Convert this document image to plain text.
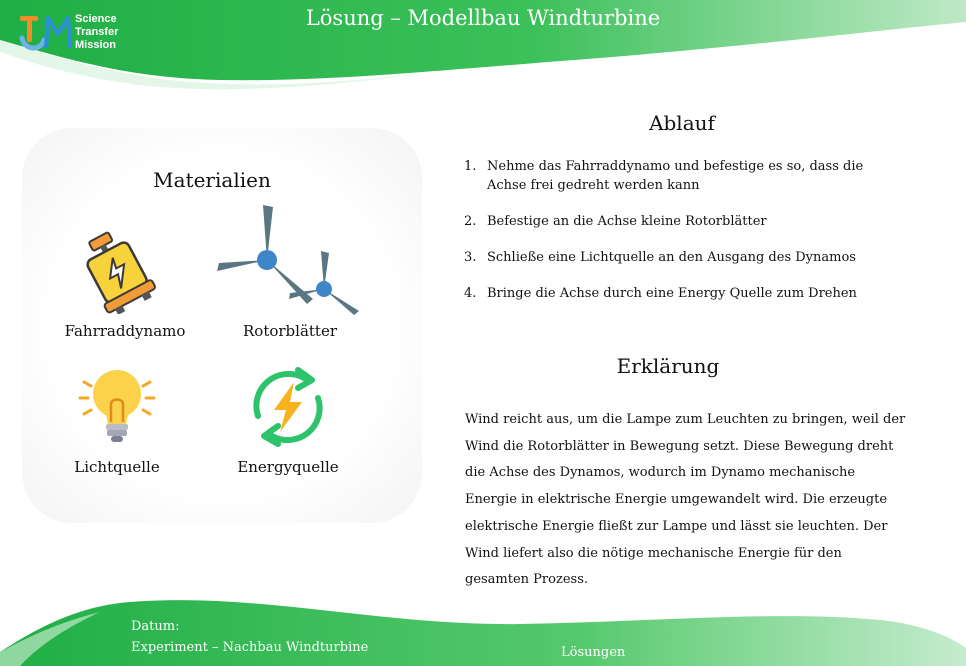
Science
Transfer
Mission
Lösung – Modellbau Windturbine
Materialien
Fahrraddynamo	Rotorblätter
Lichtquelle	Energyquelle
Ablauf
1. Nehme das Fahrraddynamo und befestige es so, dass die Achse frei gedreht werden kann
2. Befestige an die Achse kleine Rotorblätter
3. Schließe eine Lichtquelle an den Ausgang des Dynamos
4. Bringe die Achse durch eine Energy Quelle zum Drehen
Erklärung

Wind reicht aus, um die Lampe zum Leuchten zu bringen, weil der Wind die Rotorblätter in Bewegung setzt. Diese Bewegung dreht die Achse des Dynamos, wodurch im Dynamo mechanische Energie in elektrische Energie umgewandelt wird. Die erzeugte elektrische Energie fließt zur Lampe und lässt sie leuchten. Der Wind liefert also die nötige mechanische Energie für den gesamten Prozess.

Datum:
Experiment – Nachbau Windturbine	Lösungen
